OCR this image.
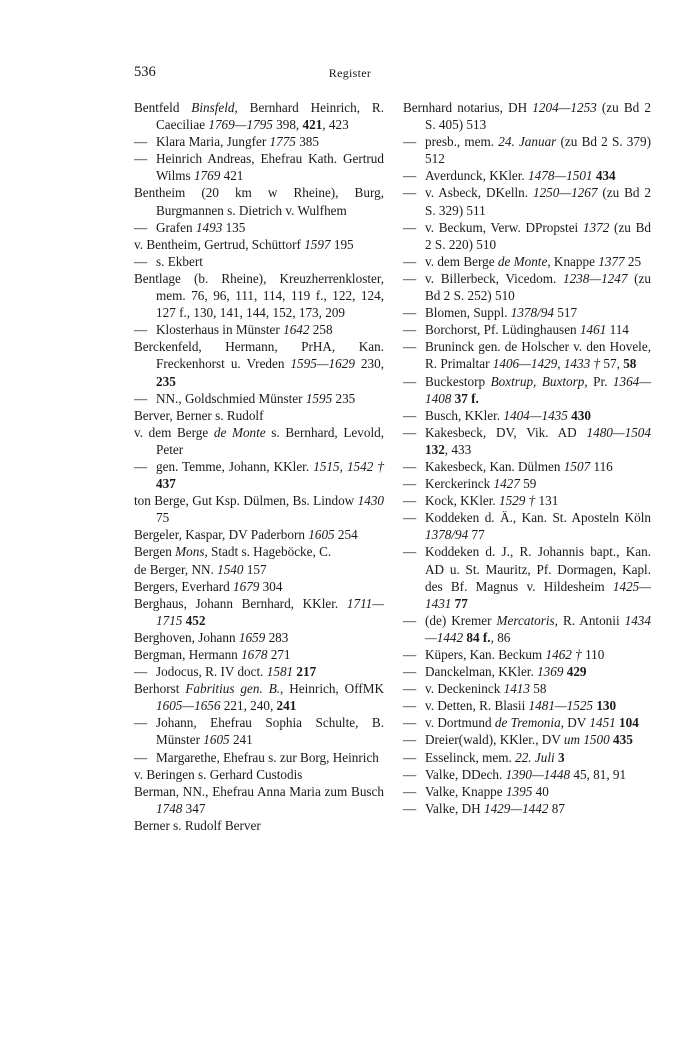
536	Register
Bentfeld Binsfeld, Bernhard Heinrich, R. Caeciliae 1769—1795 398, 421, 423
— Klara Maria, Jungfer 1775 385
— Heinrich Andreas, Ehefrau Kath. Gertrud Wilms 1769 421
Bentheim (20 km w Rheine), Burg, Burgmannen s. Dietrich v. Wulfhem
— Grafen 1493 135
v. Bentheim, Gertrud, Schüttorf 1597 195
— s. Ekbert
Bentlage (b. Rheine), Kreuzherrenkloster, mem. 76, 96, 111, 114, 119 f., 122, 124, 127 f., 130, 141, 144, 152, 173, 209
— Klosterhaus in Münster 1642 258
Berckenfeld, Hermann, PrHA, Kan. Freckenhorst u. Vreden 1595—1629 230, 235
— NN., Goldschmied Münster 1595 235
Berver, Berner s. Rudolf
v. dem Berge de Monte s. Bernhard, Levold, Peter
— gen. Temme, Johann, KKler. 1515, 1542 † 437
ton Berge, Gut Ksp. Dülmen, Bs. Lindow 1430 75
Bergeler, Kaspar, DV Paderborn 1605 254
Bergen Mons, Stadt s. Hageböcke, C.
de Berger, NN. 1540 157
Bergers, Everhard 1679 304
Berghaus, Johann Bernhard, KKler. 1711—1715 452
Berghoven, Johann 1659 283
Bergman, Hermann 1678 271
— Jodocus, R. IV doct. 1581 217
Berhorst Fabritius gen. B., Heinrich, OffMK 1605—1656 221, 240, 241
— Johann, Ehefrau Sophia Schulte, B. Münster 1605 241
— Margarethe, Ehefrau s. zur Borg, Heinrich
v. Beringen s. Gerhard Custodis
Berman, NN., Ehefrau Anna Maria zum Busch 1748 347
Berner s. Rudolf Berver
Bernhard notarius, DH 1204—1253 (zu Bd 2 S. 405) 513
— presb., mem. 24. Januar (zu Bd 2 S. 379) 512
— Averdunck, KKler. 1478—1501 434
— v. Asbeck, DKelln. 1250—1267 (zu Bd 2 S. 329) 511
— v. Beckum, Verw. DPropstei 1372 (zu Bd 2 S. 220) 510
— v. dem Berge de Monte, Knappe 1377 25
— v. Billerbeck, Vicedom. 1238—1247 (zu Bd 2 S. 252) 510
— Blomen, Suppl. 1378/94 517
— Borchorst, Pf. Lüdinghausen 1461 114
— Bruninck gen. de Holscher v. den Hovele, R. Primaltar 1406—1429, 1433 † 57, 58
— Buckestorp Boxtrup, Buxtorp, Pr. 1364—1408 37 f.
— Busch, KKler. 1404—1435 430
— Kakesbeck, DV, Vik. AD 1480—1504 132, 433
— Kakesbeck, Kan. Dülmen 1507 116
— Kerckerinck 1427 59
— Kock, KKler. 1529 † 131
— Koddeken d. Ä., Kan. St. Aposteln Köln 1378/94 77
— Koddeken d. J., R. Johannis bapt., Kan. AD u. St. Mauritz, Pf. Dormagen, Kapl. des Bf. Magnus v. Hildesheim 1425—1431 77
— (de) Kremer Mercatoris, R. Antonii 1434—1442 84 f., 86
— Küpers, Kan. Beckum 1462 † 110
— Danckelman, KKler. 1369 429
— v. Deckeninck 1413 58
— v. Detten, R. Blasii 1481—1525 130
— v. Dortmund de Tremonia, DV 1451 104
— Dreier(wald), KKler., DV um 1500 435
— Esselinck, mem. 22. Juli 3
— Valke, DDech. 1390—1448 45, 81, 91
— Valke, Knappe 1395 40
— Valke, DH 1429—1442 87
